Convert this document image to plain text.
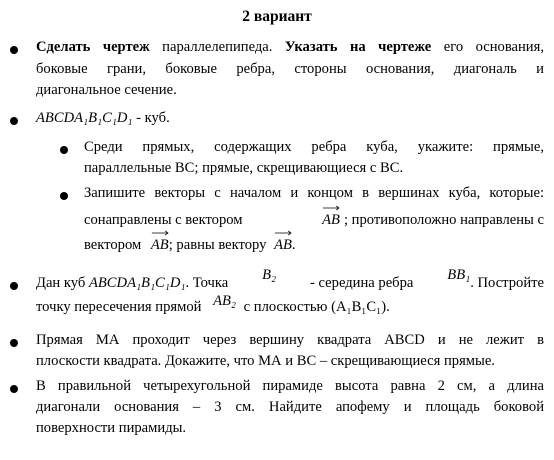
2 вариант
Сделать чертеж параллелепипеда. Указать на чертеже его основания,
боковые грани, боковые ребра, стороны основания, диагональ и
диагональное сечение.
ABCDA₁B₁C₁D₁ - куб.
Среди прямых, содержащих ребра куба, укажите: прямые,
параллельные ВС; прямые, скрещивающиеся с ВС.
Запишите векторы с началом и концом в вершинах куба, которые:
сонаправлены с вектором	AB ; противоположно направлены с
вектором AB; равны вектору AB.
Дан куб ABCDA₁B₁C₁D₁. Точка B₂ - середина ребра BB₁. Постройте
точку пересечения прямой AB₂ с плоскостью (A₁B₁C₁).
Прямая МА проходит через вершину квадрата АВСD и не лежит в
плоскости квадрата. Докажите, что МА и ВС – скрещивающиеся прямые.
В правильной четырехугольной пирамиде высота равна 2 см, а длина
диагонали основания – 3 см. Найдите апофему и площадь боковой
поверхности пирамиды.
